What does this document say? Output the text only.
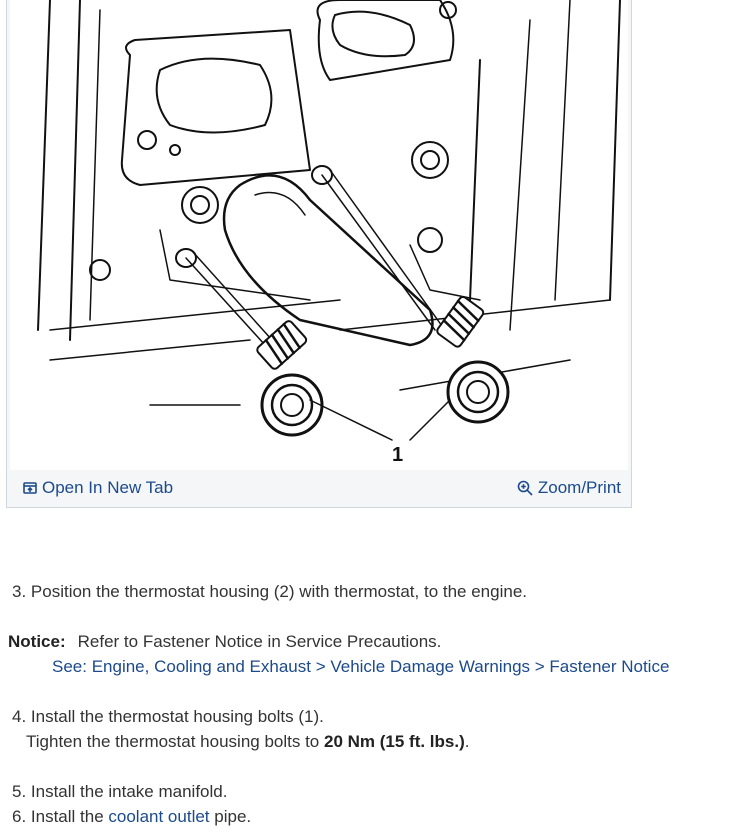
1
Open In New Tab	Zoom/Print
3. Position the thermostat housing (2) with thermostat, to the engine.
Notice: Refer to Fastener Notice in Service Precautions.
See: Engine, Cooling and Exhaust > Vehicle Damage Warnings > Fastener Notice
4. Install the thermostat housing bolts (1).
Tighten the thermostat housing bolts to 20 Nm (15 ft. lbs.).
5. Install the intake manifold.
6. Install the coolant outlet pipe.
